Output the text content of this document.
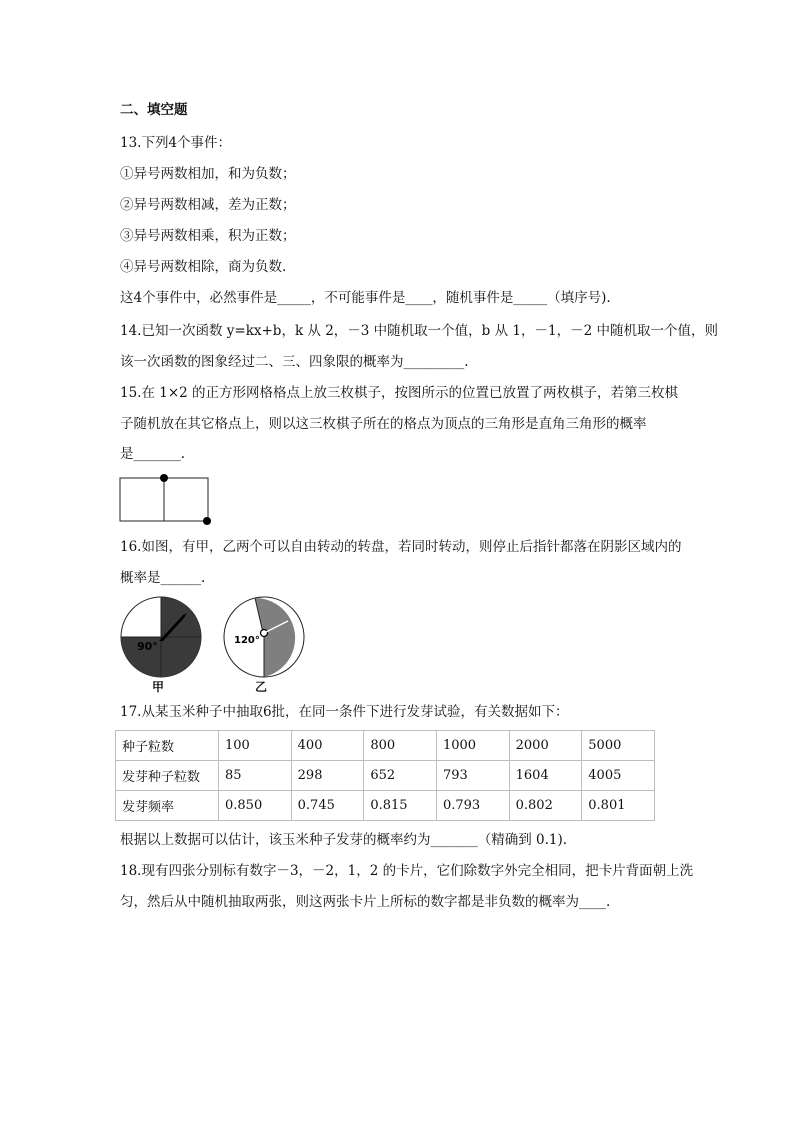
二、填空题
13.下列4个事件：
①异号两数相加，和为负数；
②异号两数相减，差为正数；
③异号两数相乘，积为正数；
④异号两数相除，商为负数.
这4个事件中，必然事件是_____，不可能事件是____，随机事件是_____（填序号).
14.已知一次函数 y=kx+b，k 从 2，－3 中随机取一个值，b 从 1，－1，－2 中随机取一个值，则
该一次函数的图象经过二、三、四象限的概率为_________.
15.在 1×2 的正方形网格格点上放三枚棋子，按图所示的位置已放置了两枚棋子，若第三枚棋
子随机放在其它格点上，则以这三枚棋子所在的格点为顶点的三角形是直角三角形的概率
是_______.
16.如图，有甲，乙两个可以自由转动的转盘，若同时转动，则停止后指针都落在阴影区域内的
概率是______.
90°
甲
120°
乙
17.从某玉米种子中抽取6批，在同一条件下进行发芽试验，有关数据如下：
种子粒数	100	400	800	1000	2000	5000
发芽种子粒数	85	298	652	793	1604	4005
发芽频率	0.850	0.745	0.815	0.793	0.802	0.801
根据以上数据可以估计，该玉米种子发芽的概率约为_______（精确到 0.1).
18.现有四张分别标有数字－3，－2，1，2 的卡片，它们除数字外完全相同，把卡片背面朝上洗
匀，然后从中随机抽取两张，则这两张卡片上所标的数字都是非负数的概率为____.
